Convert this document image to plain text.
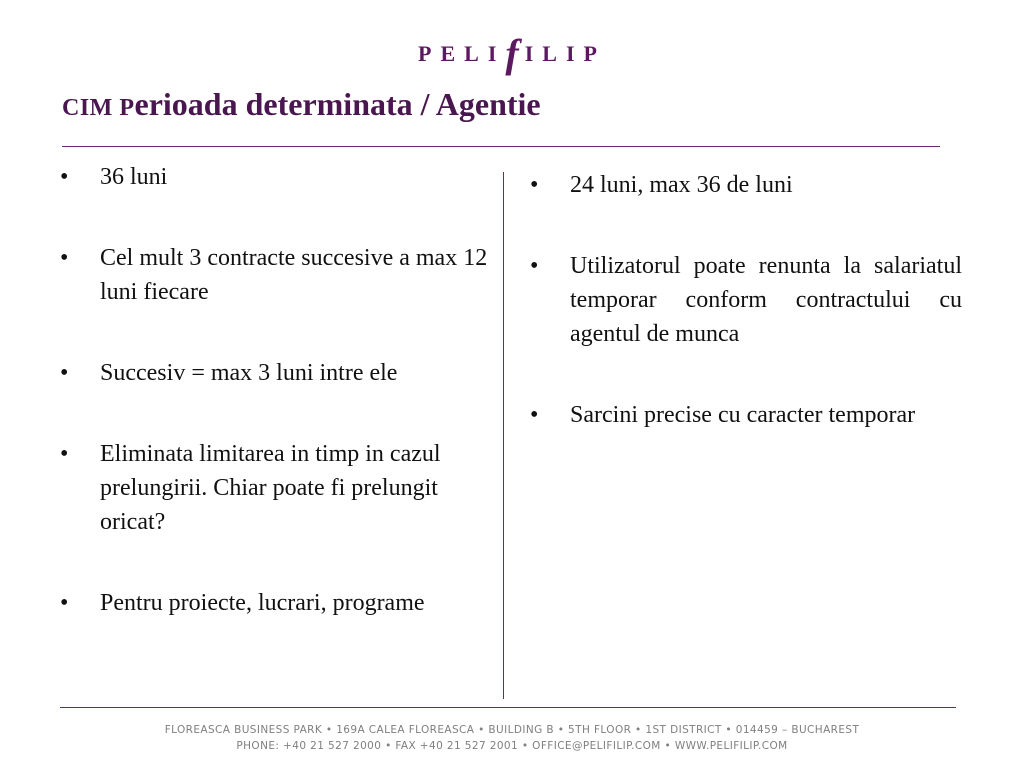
PELIfILIP
CIM Perioada determinata / Agentie
• 36 luni
• Cel mult 3 contracte succesive a max 12 luni fiecare
• Succesiv = max 3 luni intre ele
• Eliminata limitarea in timp in cazul prelungirii. Chiar poate fi prelungit oricat?
• Pentru proiecte, lucrari, programe
• 24 luni, max 36 de luni
• Utilizatorul poate renunta la salariatul temporar conform contractului cu agentul de munca
• Sarcini precise cu caracter temporar
FLOREASCA BUSINESS PARK • 169A CALEA FLOREASCA • BUILDING B • 5TH FLOOR • 1ST DISTRICT • 014459 – BUCHAREST
PHONE: +40 21 527 2000 • FAX +40 21 527 2001 • OFFICE@PELIFILIP.COM • WWW.PELIFILIP.COM
